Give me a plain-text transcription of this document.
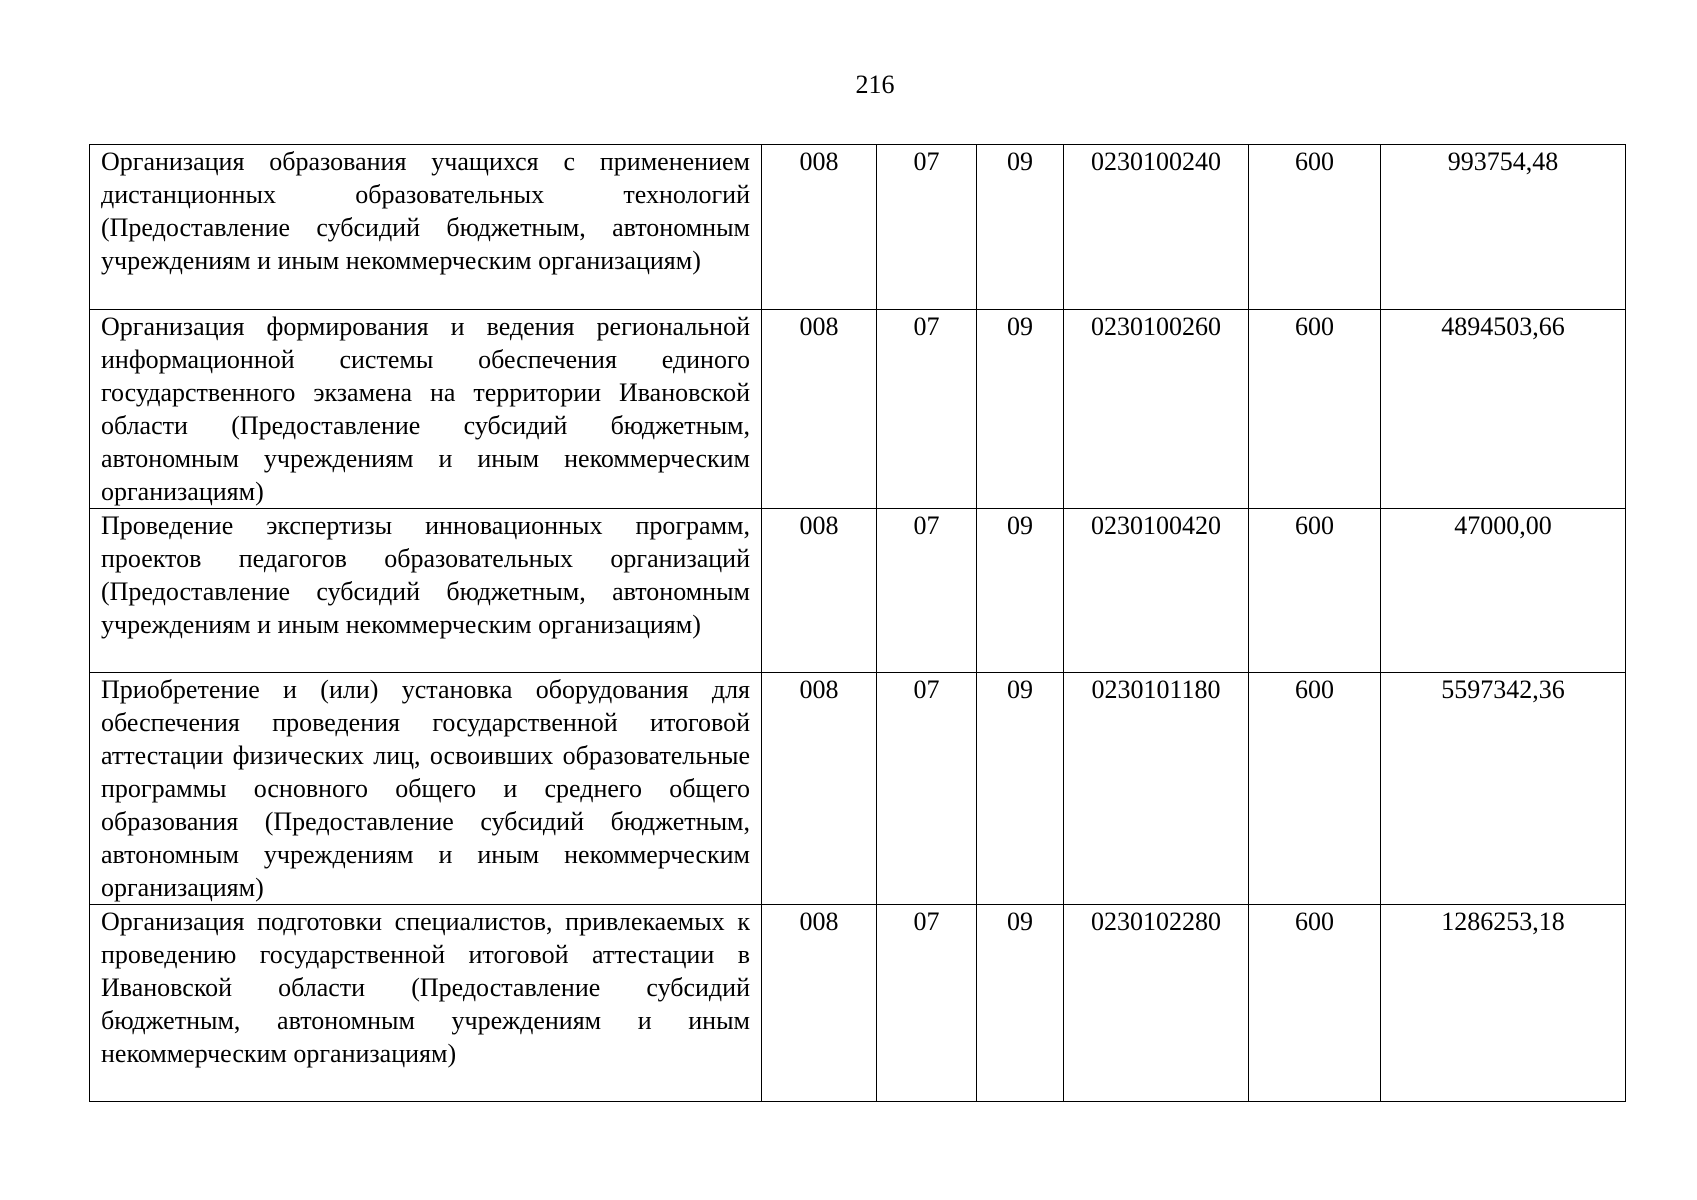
216
Организация образования учащихся с применением дистанционных образовательных технологий (Предоставление субсидий бюджетным, автономным учреждениям и иным некоммерческим организациям)	008	07	09	0230100240	600	993754,48
Организация формирования и ведения региональной информационной системы обеспечения единого государственного экзамена на территории Ивановской области (Предоставление субсидий бюджетным, автономным учреждениям и иным некоммерческим организациям)	008	07	09	0230100260	600	4894503,66
Проведение экспертизы инновационных программ, проектов педагогов образовательных организаций (Предоставление субсидий бюджетным, автономным учреждениям и иным некоммерческим организациям)	008	07	09	0230100420	600	47000,00
Приобретение и (или) установка оборудования для обеспечения проведения государственной итоговой аттестации физических лиц, освоивших образовательные программы основного общего и среднего общего образования (Предоставление субсидий бюджетным, автономным учреждениям и иным некоммерческим организациям)	008	07	09	0230101180	600	5597342,36
Организация подготовки специалистов, привлекаемых к проведению государственной итоговой аттестации в Ивановской области (Предоставление субсидий бюджетным, автономным учреждениям и иным некоммерческим организациям)	008	07	09	0230102280	600	1286253,18
